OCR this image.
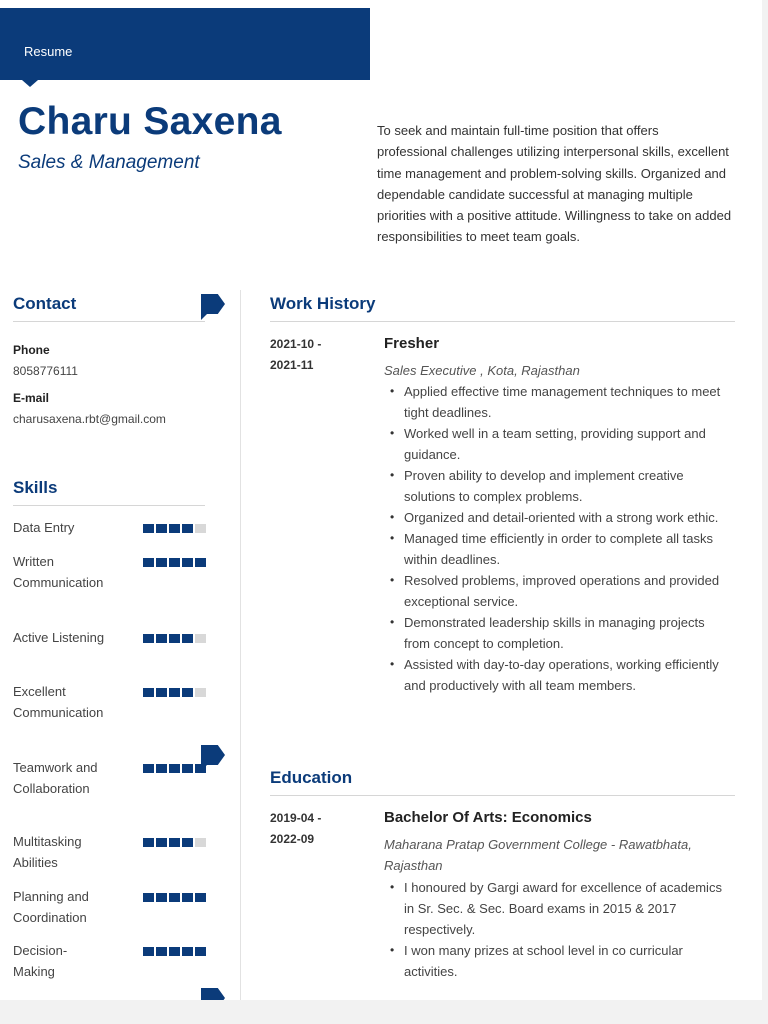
Resume
Charu Saxena
Sales & Management
To seek and maintain full-time position that offers professional challenges utilizing interpersonal skills, excellent time management and problem-solving skills. Organized and dependable candidate successful at managing multiple priorities with a positive attitude. Willingness to take on added responsibilities to meet team goals.
Contact
Phone
8058776111
E-mail
charusaxena.rbt@gmail.com
Skills
Data Entry
Written Communication
Active Listening
Excellent Communication
Teamwork and Collaboration
Multitasking Abilities
Planning and Coordination
Decision-Making
Work History
2021-10 -
2021-11
Fresher
Sales Executive , Kota, Rajasthan
• Applied effective time management techniques to meet tight deadlines.
• Worked well in a team setting, providing support and guidance.
• Proven ability to develop and implement creative solutions to complex problems.
• Organized and detail-oriented with a strong work ethic.
• Managed time efficiently in order to complete all tasks within deadlines.
• Resolved problems, improved operations and provided exceptional service.
• Demonstrated leadership skills in managing projects from concept to completion.
• Assisted with day-to-day operations, working efficiently and productively with all team members.
Education
2019-04 -
2022-09
Bachelor Of Arts: Economics
Maharana Pratap Government College - Rawatbhata, Rajasthan
• I honoured by Gargi award for excellence of academics in Sr. Sec. & Sec. Board exams in 2015 & 2017 respectively.
• I won many prizes at school level in co curricular activities.
